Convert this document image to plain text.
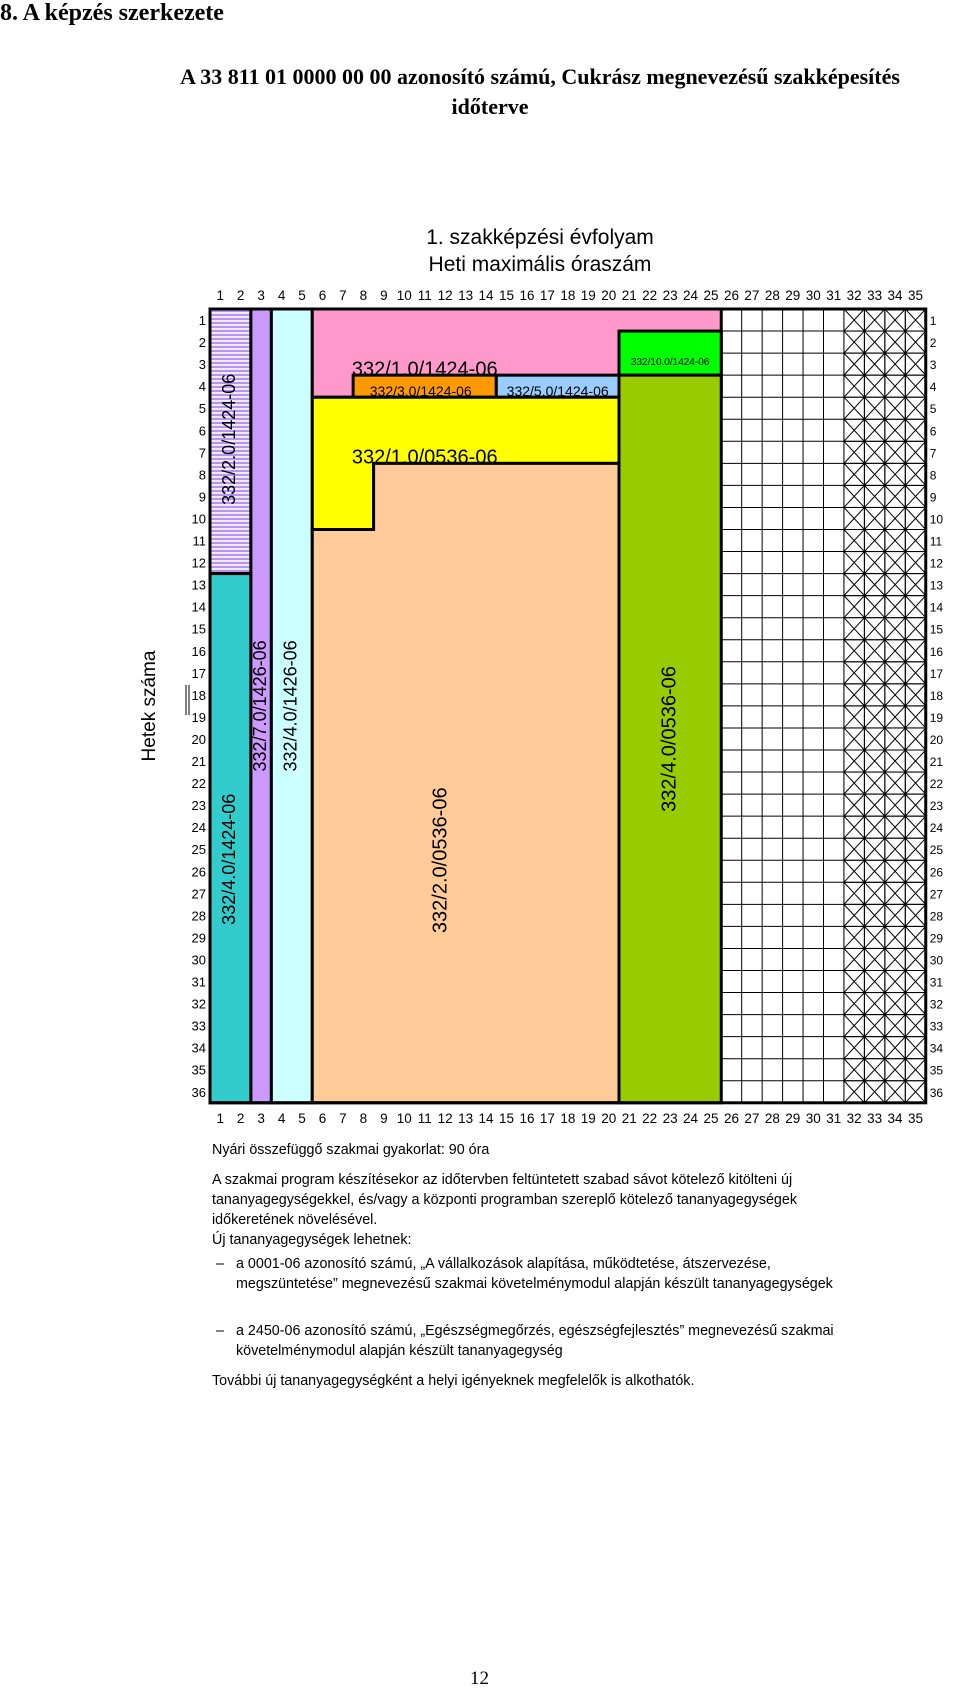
8. A képzés szerkezete
A 33 811 01 0000 00 00 azonosító számú, Cukrász megnevezésű szakképesítés
időterve
1. szakképzési évfolyam
Heti maximális óraszám
332/2.0/1424-06
332/4.0/1424-06
332/7.0/1426-06 332/4.0/1426-06
332/1.0/1424-06
332/3.0/1424-06 332/5.0/1424-06
332/10.0/1424-06
332/1.0/0536-06
332/2.0/0536-06
332/4.0/0536-06
1 2 3 4 5 6 7 8 9 10 11 12 13 14 15 16 17 18 19 20 21 22 23 24 25 26 27 28 29 30 31 32 33 34 35
1 2 3 4 5 6 7 8 9 10 11 12 13 14 15 16 17 18 19 20 21 22 23 24 25 26 27 28 29 30 31 32 33 34 35
1
2
3
4
5
6
7
8
9
10
11
12
13
14
15
16
17
18
19
20
21
22
23
24
25
26
27
28
29
30
31
32
33
34
35
36
1
2
3
4
5
6
7
8
9
10
11
12
13
14
15
16
17
18
19
20
21
22
23
24
25
26
27
28
29
30
31
32
33
34
35
36
Hetek száma
Nyári összefüggő szakmai gyakorlat: 90 óra
A szakmai program készítésekor az időtervben feltüntetett szabad sávot kötelező kitölteni új
tananyagegységekkel, és/vagy a központi programban szereplő kötelező tananyagegységek
időkeretének növelésével.
Új tananyagegységek lehetnek:
– a 0001-06 azonosító számú, „A vállalkozások alapítása, működtetése, átszervezése,
megszüntetése” megnevezésű szakmai követelménymodul alapján készült tananyagegységek
– a 2450-06 azonosító számú, „Egészségmegőrzés, egészségfejlesztés” megnevezésű szakmai
követelménymodul alapján készült tananyagegység
További új tananyagegységként a helyi igényeknek megfelelők is alkothatók.
12
